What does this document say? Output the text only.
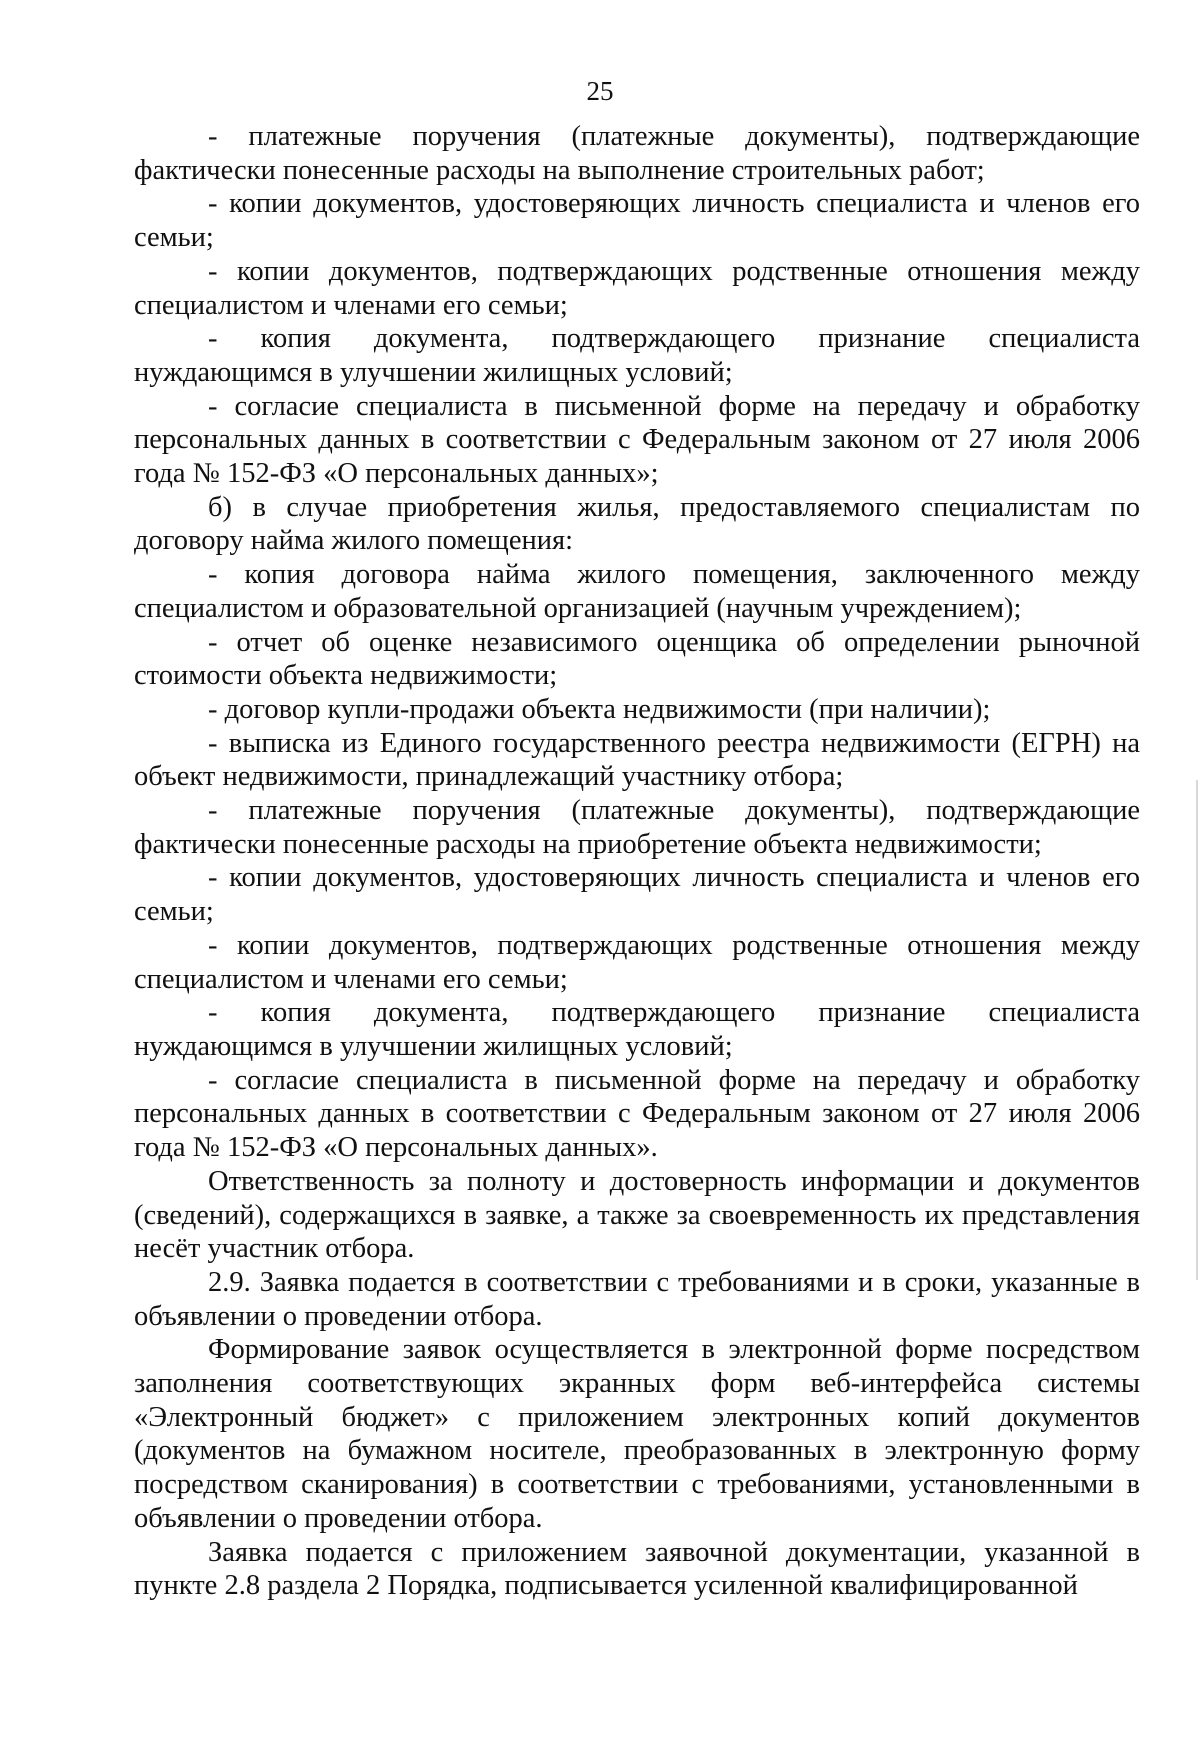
25

- платежные поручения (платежные документы), подтверждающие фактически понесенные расходы на выполнение строительных работ;

- копии документов, удостоверяющих личность специалиста и членов его семьи;

- копии документов, подтверждающих родственные отношения между специалистом и членами его семьи;

- копия документа, подтверждающего признание специалиста нуждающимся в улучшении жилищных условий;

- согласие специалиста в письменной форме на передачу и обработку персональных данных в соответствии с Федеральным законом от 27 июля 2006 года № 152-ФЗ «О персональных данных»;

б) в случае приобретения жилья, предоставляемого специалистам по договору найма жилого помещения:

- копия договора найма жилого помещения, заключенного между специалистом и образовательной организацией (научным учреждением);

- отчет об оценке независимого оценщика об определении рыночной стоимости объекта недвижимости;

- договор купли-продажи объекта недвижимости (при наличии);

- выписка из Единого государственного реестра недвижимости (ЕГРН) на объект недвижимости, принадлежащий участнику отбора;

- платежные поручения (платежные документы), подтверждающие фактически понесенные расходы на приобретение объекта недвижимости;

- копии документов, удостоверяющих личность специалиста и членов его семьи;

- копии документов, подтверждающих родственные отношения между специалистом и членами его семьи;

- копия документа, подтверждающего признание специалиста нуждающимся в улучшении жилищных условий;

- согласие специалиста в письменной форме на передачу и обработку персональных данных в соответствии с Федеральным законом от 27 июля 2006 года № 152-ФЗ «О персональных данных».

Ответственность за полноту и достоверность информации и документов (сведений), содержащихся в заявке, а также за своевременность их представления несёт участник отбора.

2.9. Заявка подается в соответствии с требованиями и в сроки, указанные в объявлении о проведении отбора.

Формирование заявок осуществляется в электронной форме посредством заполнения соответствующих экранных форм веб-интерфейса системы «Электронный бюджет» с приложением электронных копий документов (документов на бумажном носителе, преобразованных в электронную форму посредством сканирования) в соответствии с требованиями, установленными в объявлении о проведении отбора.

Заявка подается с приложением заявочной документации, указанной в пункте 2.8 раздела 2 Порядка, подписывается усиленной квалифицированной
